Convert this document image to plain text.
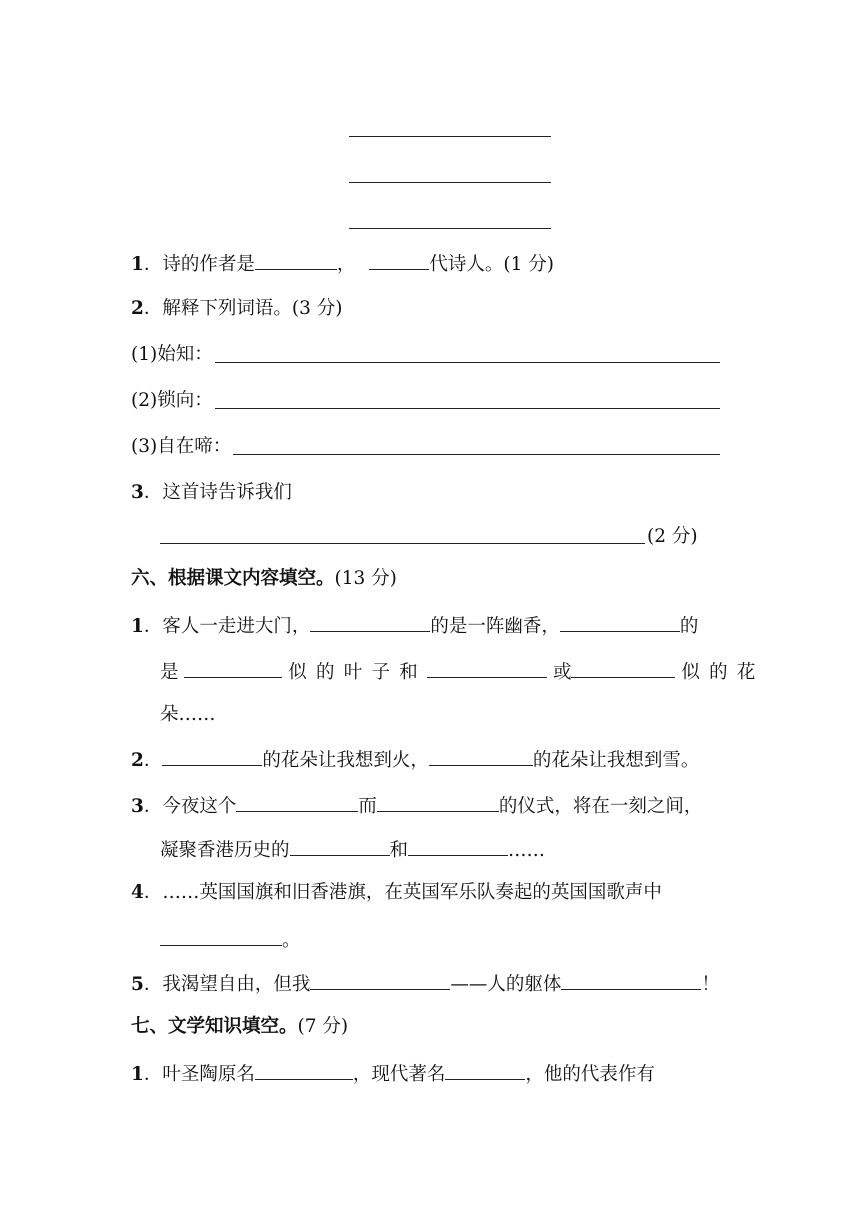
1．诗的作者是	，	代诗人。(1 分)
2．解释下列词语。(3 分)
(1)始知：
(2)锁向：
(3)自在啼：
3．这首诗告诉我们
(2 分)
六、根据课文内容填空。(13 分)
1．客人一走进大门，	的是一阵幽香，	的
是	似的叶子和	或	似的花
朵……
2．	的花朵让我想到火，	的花朵让我想到雪。
3．今夜这个	而	的仪式，将在一刻之间，
凝聚香港历史的	和	……
4．……英国国旗和旧香港旗，在英国军乐队奏起的英国国歌声中
。
5．我渴望自由，但我	——人的躯体	！
七、文学知识填空。(7 分)
1．叶圣陶原名	，现代著名	，他的代表作有
